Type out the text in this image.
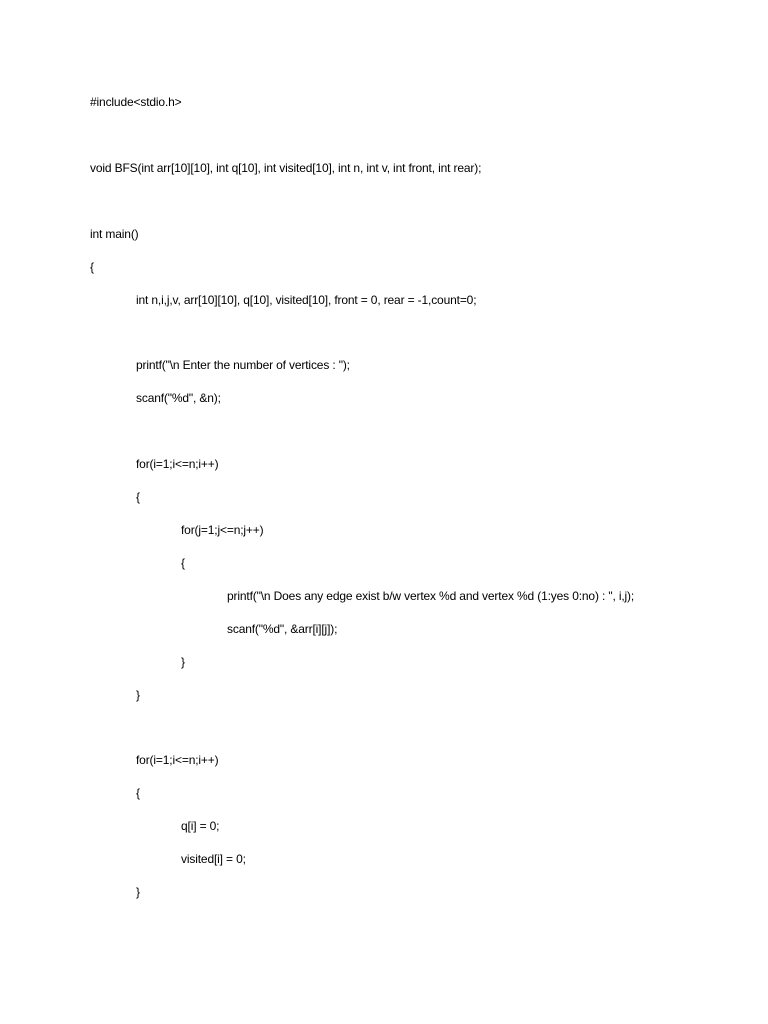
#include<stdio.h>

void BFS(int arr[10][10], int q[10], int visited[10], int n, int v, int front, int rear);

int main()

{

int n,i,j,v, arr[10][10], q[10], visited[10], front = 0, rear = -1,count=0;

printf("\n Enter the number of vertices : ");

scanf("%d", &n);

for(i=1;i<=n;i++)

{

for(j=1;j<=n;j++)

{

printf("\n Does any edge exist b/w vertex %d and vertex %d (1:yes 0:no) : ", i,j);

scanf("%d", &arr[i][j]);

}

}

for(i=1;i<=n;i++)

{

q[i] = 0;

visited[i] = 0;

}
